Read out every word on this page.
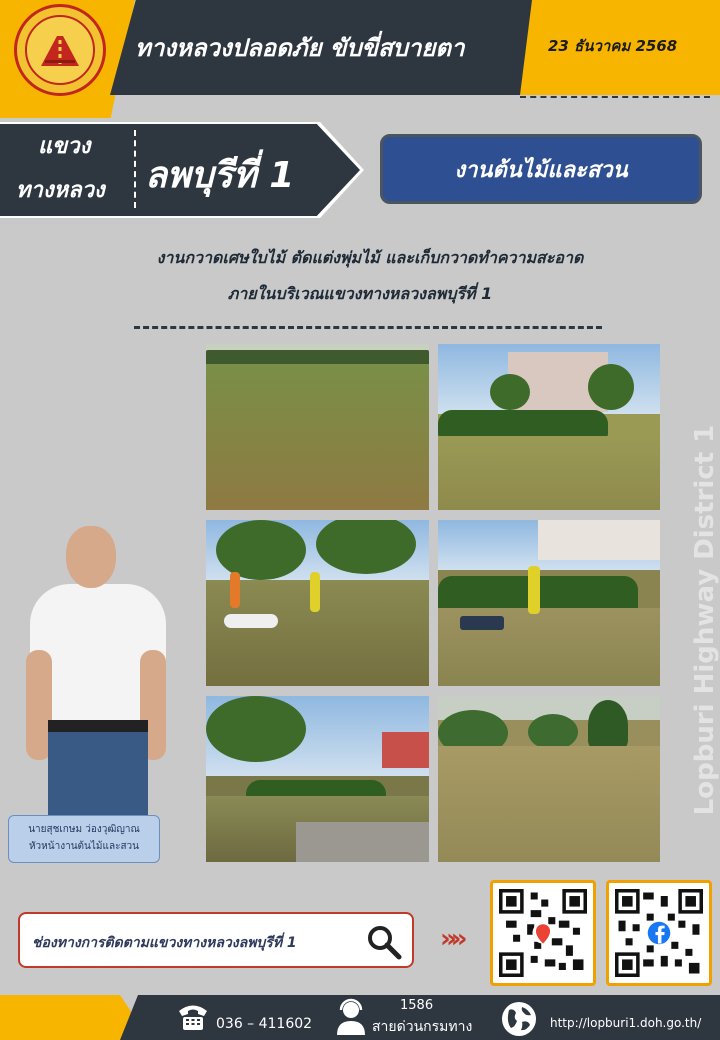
ทางหลวงปลอดภัย ขับขี่สบายตา	23 ธันวาคม 2568
แขวง
ทางหลวง ลพบุรีที่ 1	งานต้นไม้และสวน
งานกวาดเศษใบไม้ ตัดแต่งพุ่มไม้ และเก็บกวาดทำความสะอาด
ภายในบริเวณแขวงทางหลวงลพบุรีที่ 1
Lopburi Highway District 1
นายสุชเกษม ว่องวุฒิญาณ
หัวหน้างานต้นไม้และสวน
ช่องทางการติดตามแขวงทางหลวงลพบุรีที่ 1	»»
036 – 411602
1586
สายด่วนกรมทาง	http://lopburi1.doh.go.th/
